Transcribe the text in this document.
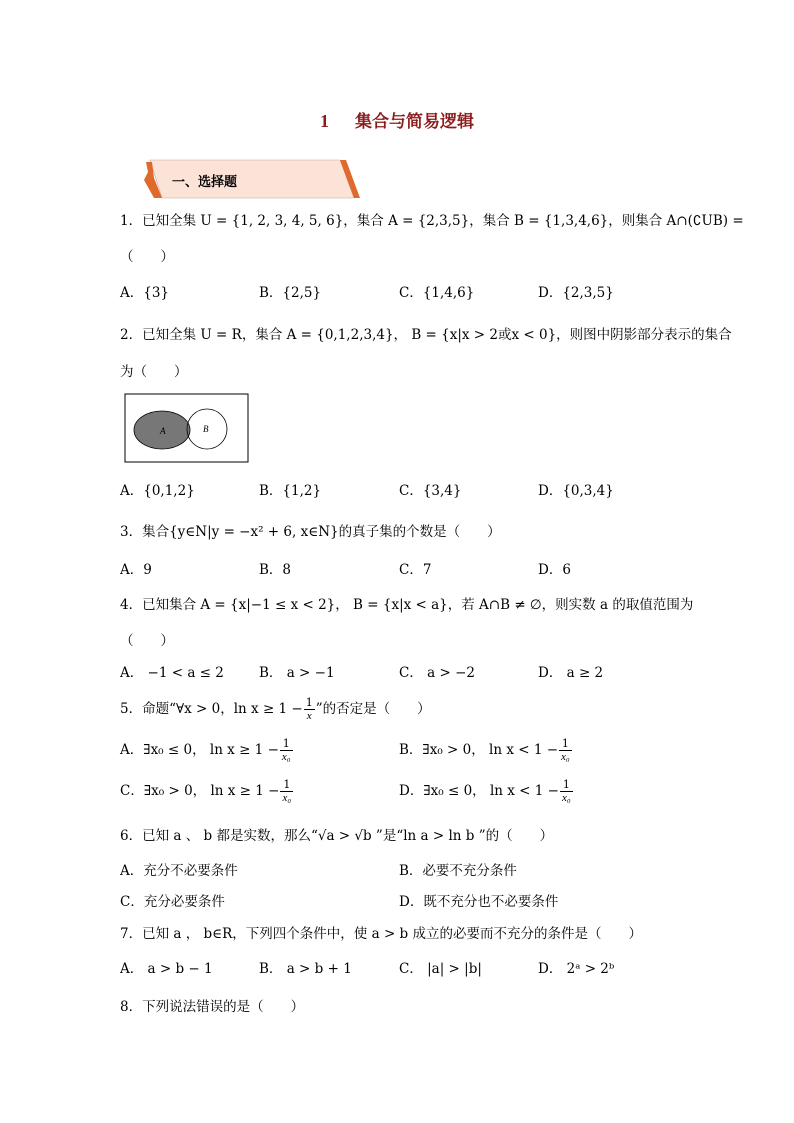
1 集合与简易逻辑
一、选择题
1．已知全集 U = {1, 2, 3, 4, 5, 6}，集合 A = {2,3,5}，集合 B = {1,3,4,6}，则集合 A∩(∁UB) =
（　　）
A．{3}	B．{2,5}	C．{1,4,6}	D．{2,3,5}
2．已知全集 U = R，集合 A = {0,1,2,3,4}， B = {x|x > 2或x < 0}，则图中阴影部分表示的集合
为（　　）
A	B
A．{0,1,2}	B．{1,2}	C．{3,4}	D．{0,3,4}
3．集合{y∈N|y = −x² + 6, x∈N}的真子集的个数是（　　）
A．9	B．8	C．7	D．6
4．已知集合 A = {x|−1 ≤ x < 2}， B = {x|x < a}，若 A∩B ≠ ∅，则实数 a 的取值范围为
（　　）
A． −1 < a ≤ 2	B． a > −1	C． a > −2	D． a ≥ 2
5．命题“∀x > 0，$\ln x \ge 1 - \frac{1}{x}$ ”的否定是（　　）
A．∃x₀ ≤ 0， $\ln x \ge 1 - \frac{1}{\text{x₀}}$	B．∃x₀ > 0， $\ln x < 1 - \frac{1}{\text{x₀}}$
C．∃x₀ > 0， $\ln x \ge 1 - \frac{1}{\text{x₀}}$	D．∃x₀ ≤ 0， $\ln x < 1 - \frac{1}{\text{x₀}}$
6．已知 a 、 b 都是实数，那么“√a > √b ”是“ln a > ln b ”的（　　）
A．充分不必要条件	B．必要不充分条件
C．充分必要条件	D．既不充分也不必要条件
7．已知 a ， b∈R，下列四个条件中，使 a > b 成立的必要而不充分的条件是（　　）
A． a > b − 1	B． a > b + 1	C． |a| > |b|	D． 2ᵃ > 2ᵇ
8．下列说法错误的是（　　）
